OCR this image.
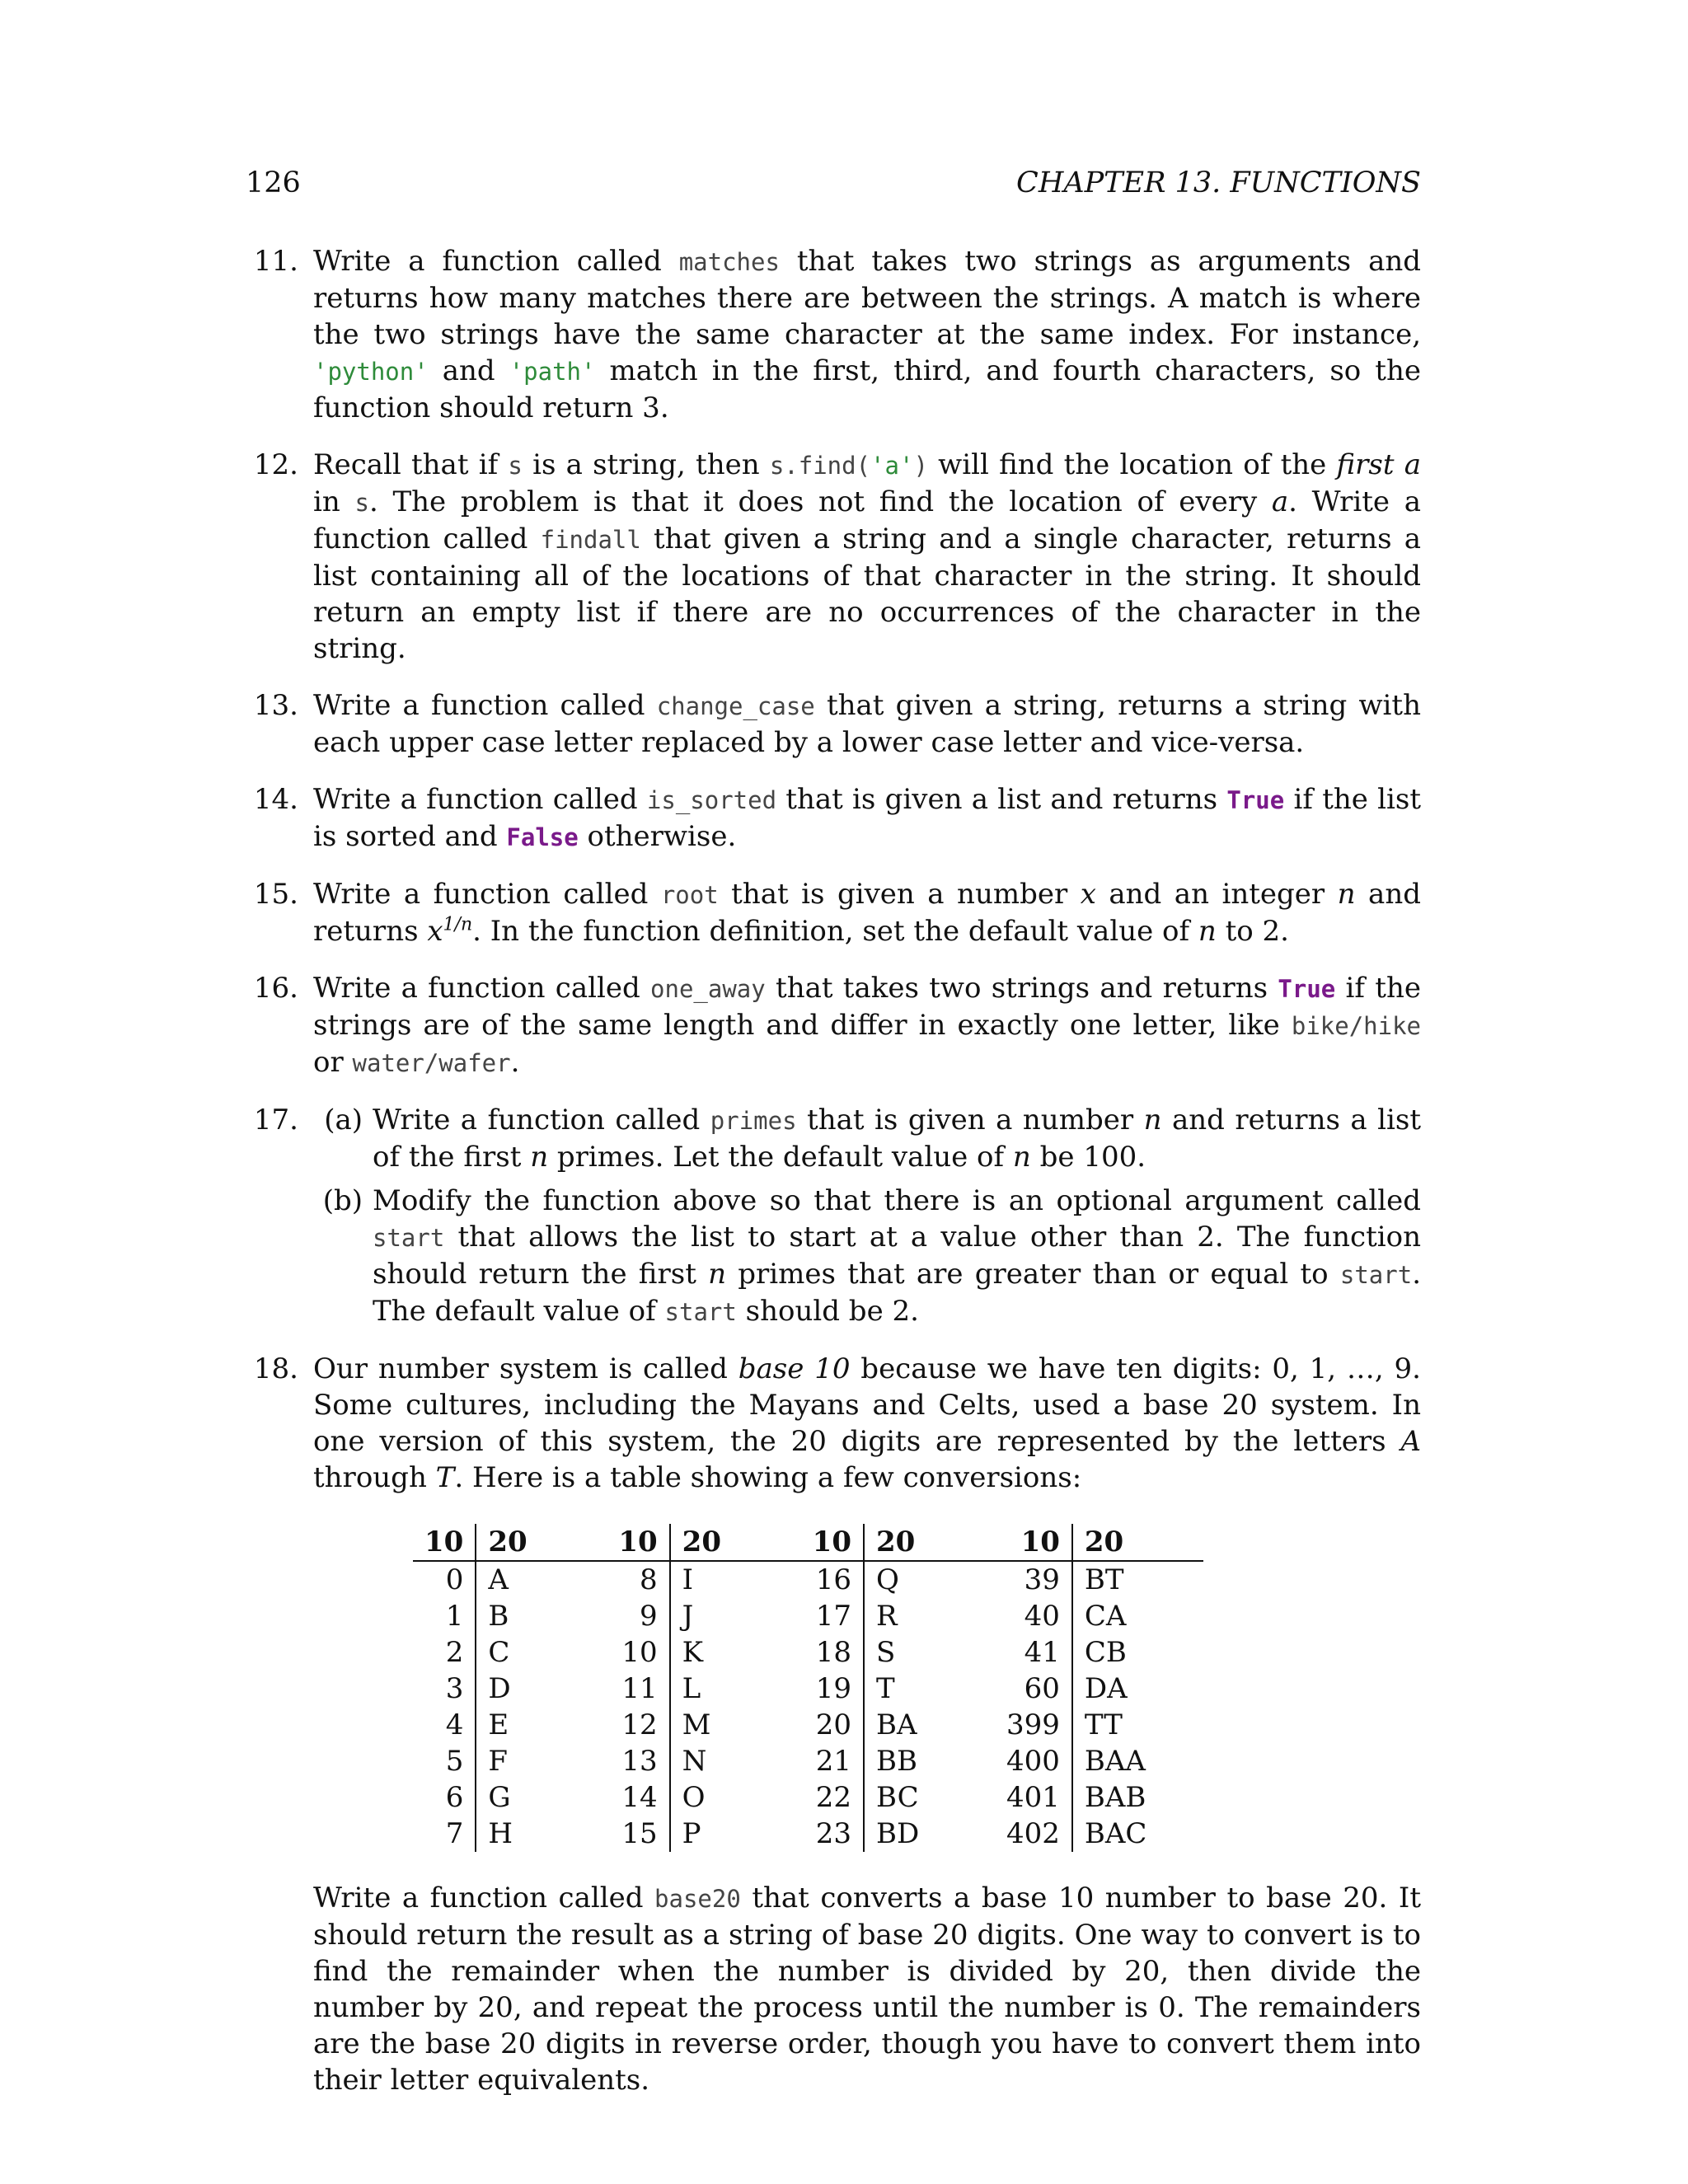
126	CHAPTER 13. FUNCTIONS
11. Write a function called matches that takes two strings as arguments and returns how many matches there are between the strings. A match is where the two strings have the same character at the same index. For instance, 'python' and 'path' match in the first, third, and fourth characters, so the function should return 3.
12. Recall that if s is a string, then s.find('a') will find the location of the first a in s. The problem is that it does not find the location of every a. Write a function called findall that given a string and a single character, returns a list containing all of the locations of that character in the string. It should return an empty list if there are no occurrences of the character in the string.
13. Write a function called change_case that given a string, returns a string with each upper case letter replaced by a lower case letter and vice-versa.
14. Write a function called is_sorted that is given a list and returns True if the list is sorted and False otherwise.
15. Write a function called root that is given a number x and an integer n and returns $x^{1/n}$. In the function definition, set the default value of n to 2.
16. Write a function called one_away that takes two strings and returns True if the strings are of the same length and differ in exactly one letter, like bike/hike or water/wafer.
17. (a) Write a function called primes that is given a number n and returns a list of the first n primes. Let the default value of n be 100.
(b) Modify the function above so that there is an optional argument called start that allows the list to start at a value other than 2. The function should return the first n primes that are greater than or equal to start. The default value of start should be 2.
18. Our number system is called base 10 because we have ten digits: 0, 1, …, 9. Some cultures, including the Mayans and Celts, used a base 20 system. In one version of this system, the 20 digits are represented by the letters A through T. Here is a table showing a few conversions:
10	20	10	20	10	20	10	20
0	A	8	I	16	Q	39	BT
1	B	9	J	17	R	40	CA
2	C	10	K	18	S	41	CB
3	D	11	L	19	T	60	DA
4	E	12	M	20	BA	399	TT
5	F	13	N	21	BB	400	BAA
6	G	14	O	22	BC	401	BAB
7	H	15	P	23	BD	402	BAC
Write a function called base20 that converts a base 10 number to base 20. It should return the result as a string of base 20 digits. One way to convert is to find the remainder when the number is divided by 20, then divide the number by 20, and repeat the process until the number is 0. The remainders are the base 20 digits in reverse order, though you have to convert them into their letter equivalents.
